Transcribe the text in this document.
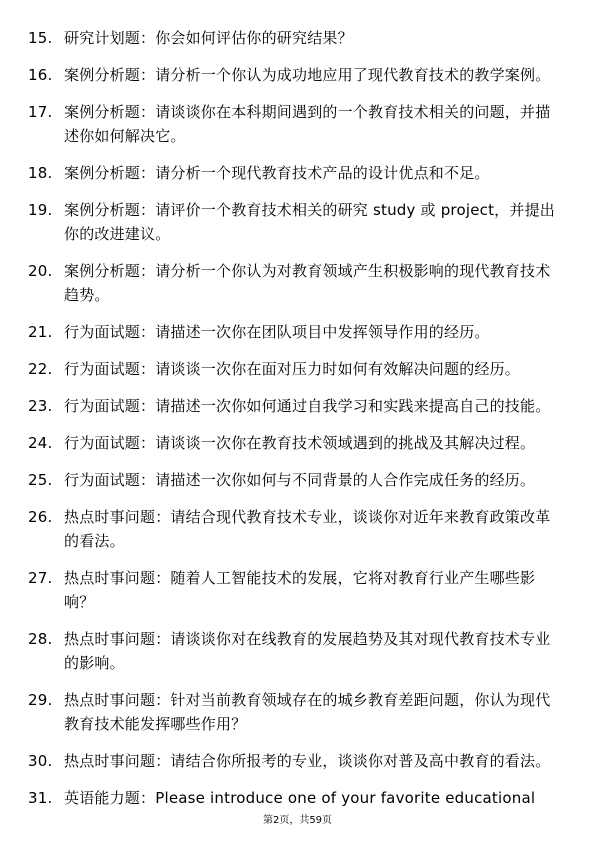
15. 研究计划题：你会如何评估你的研究结果？
16. 案例分析题：请分析一个你认为成功地应用了现代教育技术的教学案例。
17. 案例分析题：请谈谈你在本科期间遇到的一个教育技术相关的问题，并描述你如何解决它。
18. 案例分析题：请分析一个现代教育技术产品的设计优点和不足。
19. 案例分析题：请评价一个教育技术相关的研究 study 或 project，并提出你的改进建议。
20. 案例分析题：请分析一个你认为对教育领域产生积极影响的现代教育技术趋势。
21. 行为面试题：请描述一次你在团队项目中发挥领导作用的经历。
22. 行为面试题：请谈谈一次你在面对压力时如何有效解决问题的经历。
23. 行为面试题：请描述一次你如何通过自我学习和实践来提高自己的技能。
24. 行为面试题：请谈谈一次你在教育技术领域遇到的挑战及其解决过程。
25. 行为面试题：请描述一次你如何与不同背景的人合作完成任务的经历。
26. 热点时事问题：请结合现代教育技术专业，谈谈你对近年来教育政策改革的看法。
27. 热点时事问题：随着人工智能技术的发展，它将对教育行业产生哪些影响？
28. 热点时事问题：请谈谈你对在线教育的发展趋势及其对现代教育技术专业的影响。
29. 热点时事问题：针对当前教育领域存在的城乡教育差距问题，你认为现代教育技术能发挥哪些作用？
30. 热点时事问题：请结合你所报考的专业，谈谈你对普及高中教育的看法。
31. 英语能力题：Please introduce one of your favorite educational
第2页，共59页
